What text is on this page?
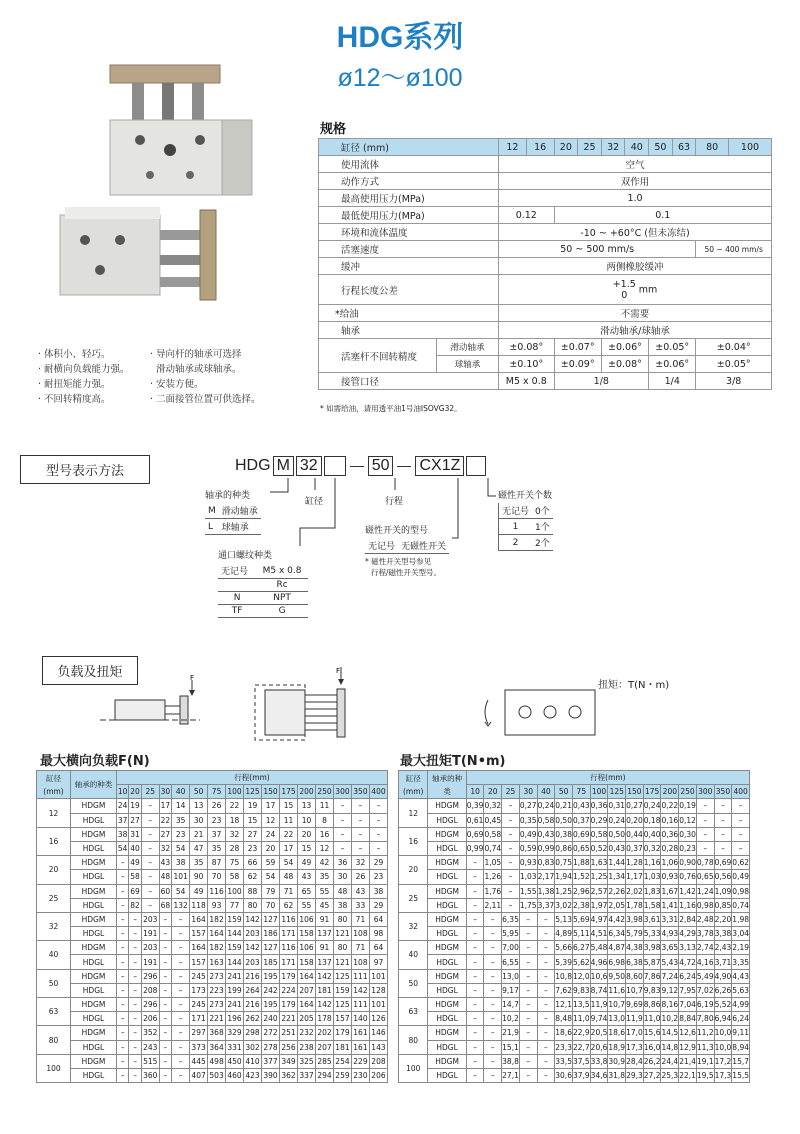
HDG系列
ø12～ø100
· 体积小、轻巧。
· 耐横向负载能力强。
· 耐扭矩能力强。
· 不回转精度高。
· 导向杆的轴承可选择
滑动轴承或球轴承。
· 安装方便。
· 二面接管位置可供选择。
规格
缸径 (mm)		12	16	20	25	32	40	50	63	80	100
使用流体		空气									
动作方式		双作用									
最高使用压力(MPa)		1.0									
最低使用压力(MPa)		0.12		0.1							
环境和流体温度		-10 ~ +60°C (但未冻结)									
活塞速度		50 ~ 500 mm/s								50 ~ 400 mm/s	
缓冲		两侧橡胶缓冲									
行程长度公差		+1.5
0 mm									
*给油		不需要									
轴承		滑动轴承/球轴承									
活塞杆不回转精度	滑动轴承	±0.08°		±0.07°		±0.06°		±0.05°		±0.04°	
	球轴承	±0.10°		±0.09°		±0.08°		±0.06°		±0.05°	
接管口径		M5 x 0.8		1/8				1/4		3/8	
* 如需给油，请用透平油1号油ISOVG32。
型号表示方法	HDG M 32	50 CX1Z
轴承的种类
M	滑动轴承
L	球轴承
缸径	行程
磁性开关的型号
无记号	无磁性开关
* 磁性开关型号参见
行程/磁性开关型号。
磁性开关个数
无记号	0个
1	1个
2	2个
通口螺纹种类
无记号	M5 x 0.8
	Rc
N	NPT
TF	G
负载及扭矩	F
F
扭矩：T(N・m)
最大横向负载F(N)	最大扭矩T(N•m)
缸径(mm)	轴承的种类	行程(mm)															
		10	20	25	30	40	50	75	100	125	150	175	200	250	300	350	400
12	HDGM	24	19	–	17	14	13	26	22	19	17	15	13	11	–	–	–
	HDGL	37	27	–	22	35	30	23	18	15	12	11	10	8	–	–	–
16	HDGM	38	31	–	27	23	21	37	32	27	24	22	20	16	–	–	–
	HDGL	54	40	–	32	54	47	35	28	23	20	17	15	12	–	–	–
20	HDGM	–	49	–	43	38	35	87	75	66	59	54	49	42	36	32	29
	HDGL	–	58	–	48	101	90	70	58	62	54	48	43	35	30	26	23
25	HDGM	–	69	–	60	54	49	116	100	88	79	71	65	55	48	43	38
	HDGL	–	82	–	68	132	118	93	77	80	70	62	55	45	38	33	29
32	HDGM	–	–	203	–	–	164	182	159	142	127	116	106	91	80	71	64
	HDGL	–	–	191	–	–	157	164	144	203	186	171	158	137	121	108	98
40	HDGM	–	–	203	–	–	164	182	159	142	127	116	106	91	80	71	64
	HDGL	–	–	191	–	–	157	163	144	203	185	171	158	137	121	108	97
50	HDGM	–	–	296	–	–	245	273	241	216	195	179	164	142	125	111	101
	HDGL	–	–	208	–	–	173	223	199	264	242	224	207	181	159	142	128
63	HDGM	–	–	296	–	–	245	273	241	216	195	179	164	142	125	111	101
	HDGL	–	–	206	–	–	171	221	196	262	240	221	205	178	157	140	126
80	HDGM	–	–	352	–	–	297	368	329	298	272	251	232	202	179	161	146
	HDGL	–	–	243	–	–	373	364	331	302	278	256	238	207	181	161	143
100	HDGM	–	–	515	–	–	445	498	450	410	377	349	325	285	254	229	208
	HDGL	–	–	360	–	–	407	503	460	423	390	362	337	294	259	230	206
缸径(mm)	轴承的种类	行程(mm)															
		10	20	25	30	40	50	75	100	125	150	175	200	250	300	350	400
12	HDGM	0,39	0,32	–	0,27	0,24	0,21	0,43	0,36	0,31	0,27	0,24	0,22	0,19	–	–	–
	HDGL	0,61	0,45	–	0,35	0,58	0,50	0,37	0,29	0,24	0,20	0,18	0,16	0,12	–	–	–
16	HDGM	0,69	0,58	–	0,49	0,43	0,38	0,69	0,58	0,50	0,44	0,40	0,36	0,30	–	–	–
	HDGL	0,99	0,74	–	0,59	0,99	0,86	0,65	0,52	0,43	0,37	0,32	0,28	0,23	–	–	–
20	HDGM	–	1,05	–	0,93	0,83	0,75	1,88	1,63	1,44	1,28	1,16	1,06	0,90	0,78	0,69	0,62
	HDGL	–	1,26	–	1,03	2,17	1,94	1,52	1,25	1,34	1,17	1,03	0,93	0,76	0,65	0,56	0,49
25	HDGM	–	1,76	–	1,55	1,38	1,25	2,96	2,57	2,26	2,02	1,83	1,67	1,42	1,24	1,09	0,98
	HDGL	–	2,11	–	1,75	3,37	3,02	2,38	1,97	2,05	1,78	1,58	1,41	1,16	0,98	0,85	0,74
32	HDGM	–	–	6,35	–	–	5,13	5,69	4,97	4,42	3,98	3,61	3,31	2,84	2,48	2,20	1,98
	HDGL	–	–	5,95	–	–	4,89	5,11	4,51	6,34	5,79	5,33	4,93	4,29	3,78	3,38	3,04
40	HDGM	–	–	7,00	–	–	5,66	6,27	5,48	4,87	4,38	3,98	3,65	3,13	2,74	2,43	2,19
	HDGL	–	–	6,55	–	–	5,39	5,62	4,96	6,98	6,38	5,87	5,43	4,72	4,16	3,71	3,35
50	HDGM	–	–	13,0	–	–	10,8	12,0	10,6	9,50	8,60	7,86	7,24	6,24	5,49	4,90	4,43
	HDGL	–	–	9,17	–	–	7,62	9,83	8,74	11,6	10,7	9,83	9,12	7,95	7,02	6,26	5,63
63	HDGM	–	–	14,7	–	–	12,1	13,5	11,9	10,7	9,69	8,86	8,16	7,04	6,19	5,52	4,99
	HDGL	–	–	10,2	–	–	8,48	11,0	9,74	13,0	11,9	11,0	10,2	8,84	7,80	6,94	6,24
80	HDGM	–	–	21,9	–	–	18,6	22,9	20,5	18,6	17,0	15,6	14,5	12,6	11,2	10,0	9,11
	HDGL	–	–	15,1	–	–	23,3	22,7	20,6	18,9	17,3	16,0	14,8	12,9	11,3	10,0	8,94
100	HDGM	–	–	38,8	–	–	33,5	37,5	33,8	30,9	28,4	26,2	24,4	21,4	19,1	17,2	15,7
	HDGL	–	–	27,1	–	–	30,6	37,9	34,6	31,8	29,3	27,2	25,3	22,1	19,5	17,3	15,5
